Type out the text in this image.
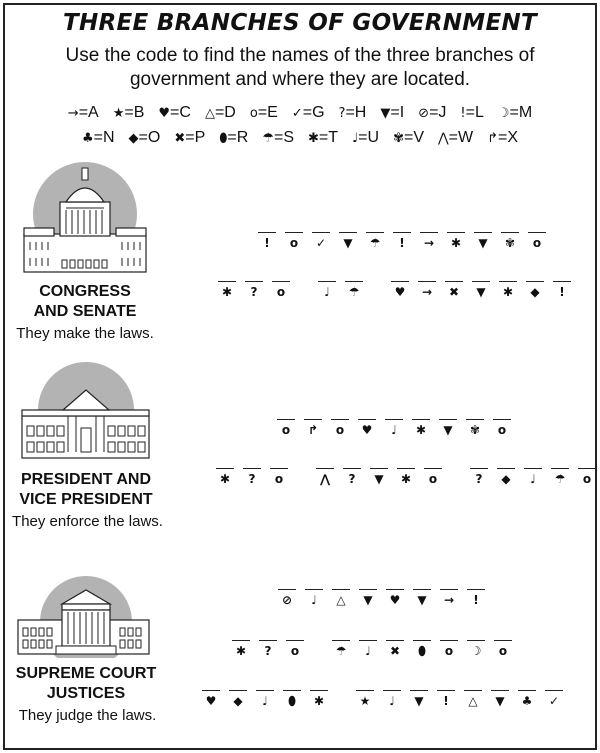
THREE BRANCHES OF GOVERNMENT
Use the code to find the names of the three branches of government and where they are located.
→=A ★=B ♥=C △=D o=E ✓=G ?=H ▼=I ⊘=J !=L ☽=M
♣=N ◆=O ✖=P ⬮=R ☂=S ✱=T ♩=U ✾=V ⋀=W ↱=X
CONGRESS
AND SENATE
They make the laws.
! o ✓ ▼ ☂ ! → ✱ ▼ ✾ o
✱ ? o	♩ ☂	♥ → ✖ ▼ ✱ ◆ !
PRESIDENT AND
VICE PRESIDENT
They enforce the laws.
o ↱ o ♥ ♩ ✱ ▼ ✾ o
✱ ? o	⋀ ? ▼ ✱ o	? ◆ ♩ ☂ o
SUPREME COURT
JUSTICES
They judge the laws.
⊘ ♩ △ ▼ ♥ ▼ → !
✱ ? o	☂ ♩ ✖ ⬮ o ☽ o
♥ ◆ ♩ ⬮ ✱	★ ♩ ▼ ! △ ▼ ♣ ✓
